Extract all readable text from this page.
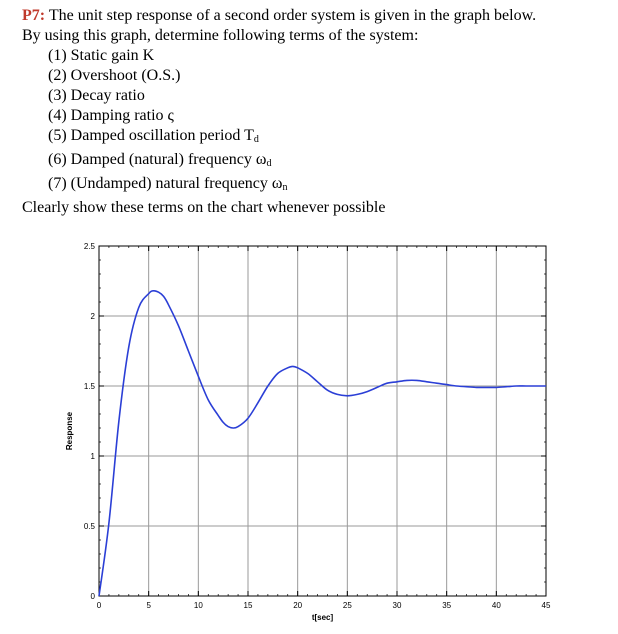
P7: The unit step response of a second order system is given in the graph below.

By using this graph, determine following terms of the system:

(1) Static gain K
(2) Overshoot (O.S.)
(3) Decay ratio
(4) Damping ratio ς
(5) Damped oscillation period $T_d$
(6) Damped (natural) frequency $\omega_d$
(7) (Undamped) natural frequency $\omega_n$

Clearly show these terms on the chart whenever possible

0	5	10	15	20	25	30	35	40	45
0
0.5
1
1.5
2
2.5
t[sec]
Response
